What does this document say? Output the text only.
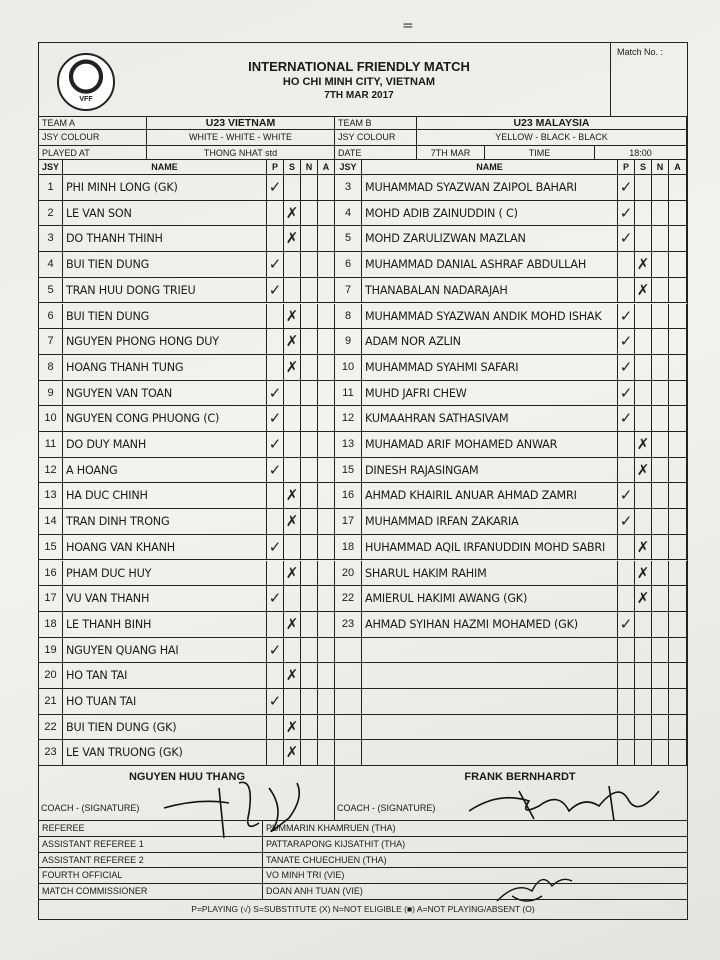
=
VFF
INTERNATIONAL FRIENDLY MATCH
HO CHI MINH CITY, VIETNAM
7TH MAR 2017
Match No. :
TEAM A	U23 VIETNAM	TEAM B	U23 MALAYSIA
JSY COLOUR	WHITE - WHITE - WHITE	JSY COLOUR	YELLOW - BLACK - BLACK
PLAYED AT	THONG NHAT std	DATE	7TH MAR	TIME	18:00
JSY	NAME	P	S	N	A	JSY	NAME	P	S	N	A
1	PHI MINH LONG (GK)	✓	3	MUHAMMAD SYAZWAN ZAIPOL BAHARI	✓
2	LE VAN SON	✗	4	MOHD ADIB ZAINUDDIN ( C)	✓
3	DO THANH THINH	✗	5	MOHD ZARULIZWAN MAZLAN	✓
4	BUI TIEN DUNG	✓	6	MUHAMMAD DANIAL ASHRAF ABDULLAH	✗
5	TRAN HUU DONG TRIEU	✓	7	THANABALAN NADARAJAH	✗
6	BUI TIEN DUNG	✗	8	MUHAMMAD SYAZWAN ANDIK MOHD ISHAK	✓
7	NGUYEN PHONG HONG DUY	✗	9	ADAM NOR AZLIN	✓
8	HOANG THANH TUNG	✗	10 MUHAMMAD SYAHMI SAFARI	✓
9	NGUYEN VAN TOAN	✓	11	MUHD JAFRI CHEW	✓
10 NGUYEN CONG PHUONG (C)	✓	12 KUMAAHRAN SATHASIVAM	✓
11 DO DUY MANH	✓	13 MUHAMAD ARIF MOHAMED ANWAR	✗
12 A HOANG	✓	15 DINESH RAJASINGAM	✗
13 HA DUC CHINH	✗	16 AHMAD KHAIRIL ANUAR AHMAD ZAMRI	✓
14 TRAN DINH TRONG	✗	17 MUHAMMAD IRFAN ZAKARIA	✓
15 HOANG VAN KHANH	✓	18 HUHAMMAD AQIL IRFANUDDIN MOHD SABRI	✗
16 PHAM DUC HUY	✗	20 SHARUL HAKIM RAHIM	✗
17 VU VAN THANH	✓	22 AMIERUL HAKIMI AWANG (GK)	✗
18 LE THANH BINH	✗	23 AHMAD SYIHAN HAZMI MOHAMED (GK)	✓
19 NGUYEN QUANG HAI	✓
20 HO TAN TAI	✗
21 HO TUAN TAI	✓
22 BUI TIEN DUNG (GK)	✗
23 LE VAN TRUONG (GK)	✗
NGUYEN HUU THANG
COACH - (SIGNATURE)
FRANK BERNHARDT
COACH - (SIGNATURE)
P=PLAYING (√) S=SUBSTITUTE (X) N=NOT ELIGIBLE (■) A=NOT PLAYING/ABSENT (O)
REFEREE	PUMMARIN KHAMRUEN (THA)
ASSISTANT REFEREE 1	PATTARAPONG KIJSATHIT (THA)
ASSISTANT REFEREE 2	TANATE CHUECHUEN (THA)
FOURTH OFFICIAL	VO MINH TRI (VIE)
MATCH COMMISSIONER	DOAN ANH TUAN (VIE)
